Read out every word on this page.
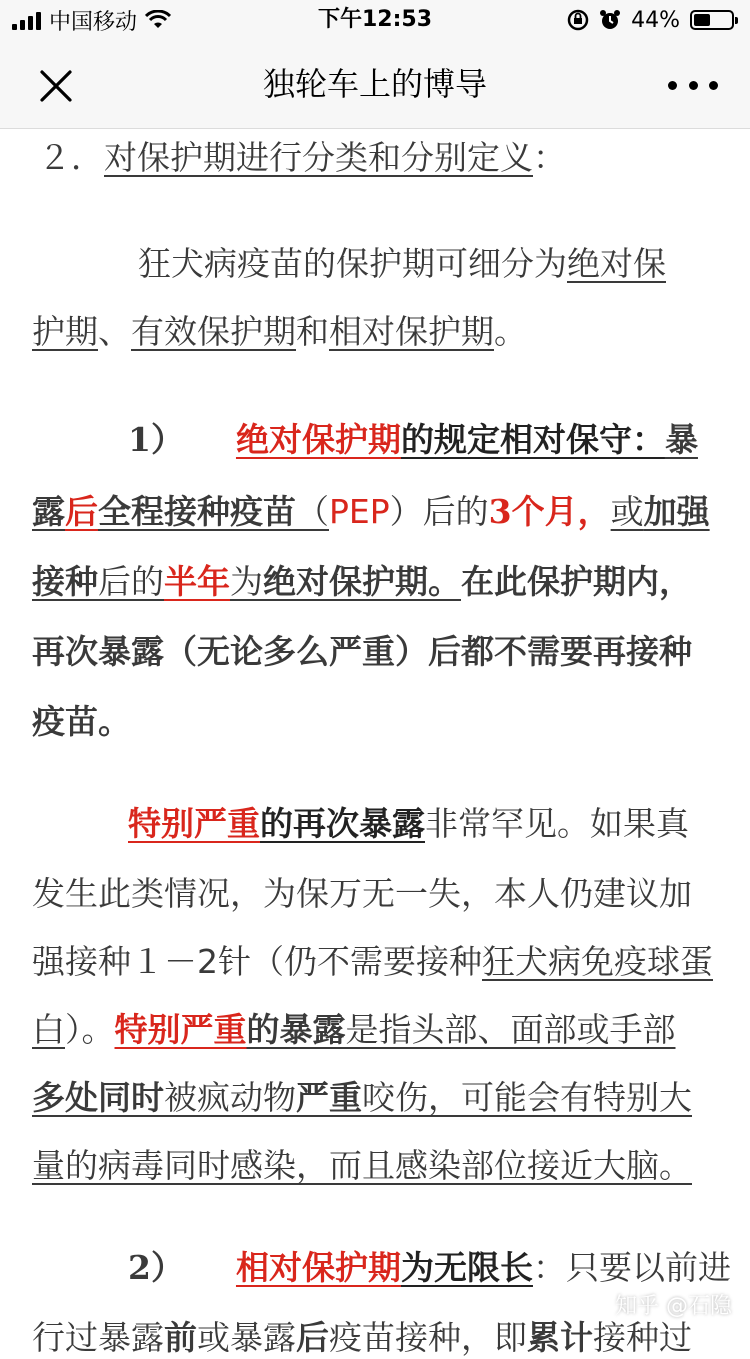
中国移动	下午12:53	44%
独轮车上的博导
２．对保护期进行分类和分别定义：
狂犬病疫苗的保护期可细分为绝对保
护期、有效保护期和相对保护期。
1） 绝对保护期的规定相对保守：暴
露后全程接种疫苗（PEP）后的3个月，或加强
接种后的半年为绝对保护期。在此保护期内，
再次暴露（无论多么严重）后都不需要再接种
疫苗。
特别严重的再次暴露非常罕见。如果真
发生此类情况，为保万无一失，本人仍建议加
强接种１－2针（仍不需要接种狂犬病免疫球蛋
白）。特别严重的暴露是指头部、面部或手部
多处同时被疯动物严重咬伤，可能会有特别大
量的病毒同时感染，而且感染部位接近大脑。
2） 相对保护期为无限长：只要以前进
行过暴露前或暴露后疫苗接种，即累计接种过
知乎 @石隐
